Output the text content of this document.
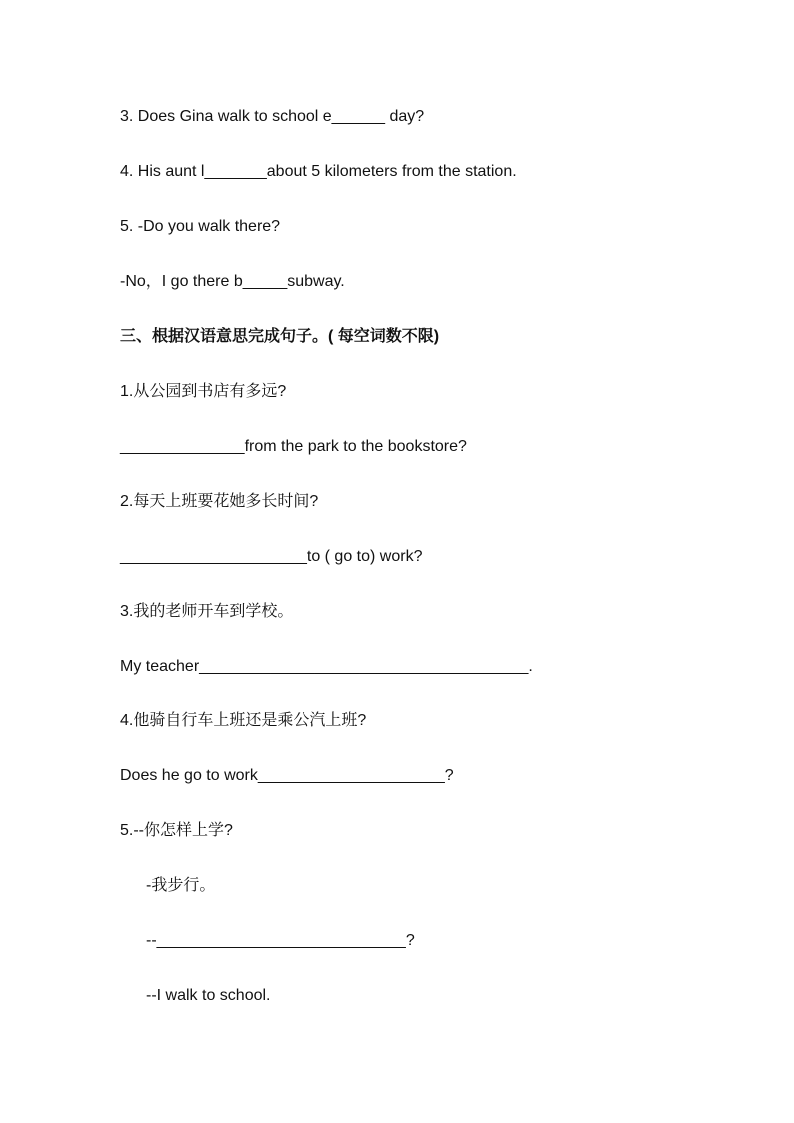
3. Does Gina walk to school e______ day?
4. His aunt l_______about 5 kilometers from the station.
5. -Do you walk there?
-No，I go there b_____subway.
三、根据汉语意思完成句子。( 每空词数不限)
1.从公园到书店有多远?
______________from the park to the bookstore?
2.每天上班要花她多长时间?
_____________________to ( go to) work?
3.我的老师开车到学校。
My teacher_____________________________________.
4.他骑自行车上班还是乘公汽上班?
Does he go to work_____________________?
5.--你怎样上学?
-我步行。
--____________________________?
--I walk to school.
